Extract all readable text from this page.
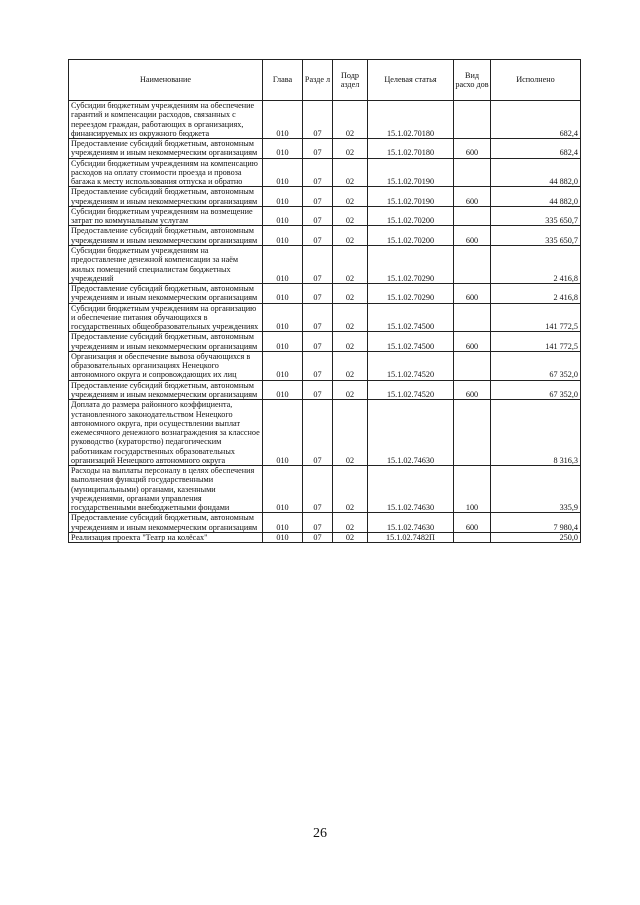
Наименование	Глава	Разде л	Подр аздел	Целевая статья	Вид расхо дов	Исполнено
Субсидии бюджетным учреждениям на обеспечение гарантий и компенсации расходов, связанных с переездом граждан, работающих в организациях, финансируемых из окружного бюджета	010	07	02	15.1.02.70180		682,4
Предоставление субсидий бюджетным, автономным учреждениям и иным некоммерческим организациям	010	07	02	15.1.02.70180	600	682,4
Субсидии бюджетным учреждениям на компенсацию расходов на оплату стоимости проезда и провоза багажа к месту использования отпуска и обратно	010	07	02	15.1.02.70190		44 882,0
Предоставление субсидий бюджетным, автономным учреждениям и иным некоммерческим организациям	010	07	02	15.1.02.70190	600	44 882,0
Субсидии бюджетным учреждениям на возмещение затрат по коммунальным услугам	010	07	02	15.1.02.70200		335 650,7
Предоставление субсидий бюджетным, автономным учреждениям и иным некоммерческим организациям	010	07	02	15.1.02.70200	600	335 650,7
Субсидии бюджетным учреждениям на предоставление денежной компенсации за наём жилых помещений специалистам бюджетных учреждений	010	07	02	15.1.02.70290		2 416,8
Предоставление субсидий бюджетным, автономным учреждениям и иным некоммерческим организациям	010	07	02	15.1.02.70290	600	2 416,8
Субсидии бюджетным учреждениям на организацию и обеспечение питания обучающихся в государственных общеобразовательных учреждениях	010	07	02	15.1.02.74500		141 772,5
Предоставление субсидий бюджетным, автономным учреждениям и иным некоммерческим организациям	010	07	02	15.1.02.74500	600	141 772,5
Организация и обеспечение вывоза обучающихся в образовательных организациях Ненецкого автономного округа и сопровождающих их лиц	010	07	02	15.1.02.74520		67 352,0
Предоставление субсидий бюджетным, автономным учреждениям и иным некоммерческим организациям	010	07	02	15.1.02.74520	600	67 352,0
Доплата до размера районного коэффициента, установленного законодательством Ненецкого автономного округа, при осуществлении выплат ежемесячного денежного вознаграждения за классное руководство (кураторство) педагогическим работникам государственных образовательных организаций Ненецкого автономного округа	010	07	02	15.1.02.74630		8 316,3
Расходы на выплаты персоналу в целях обеспечения выполнения функций государственными (муниципальными) органами, казенными учреждениями, органами управления государственными внебюджетными фондами	010	07	02	15.1.02.74630	100	335,9
Предоставление субсидий бюджетным, автономным учреждениям и иным некоммерческим организациям	010	07	02	15.1.02.74630	600	7 980,4
Реализация проекта "Театр на колёсах"	010	07	02	15.1.02.7482П		250,0
26
